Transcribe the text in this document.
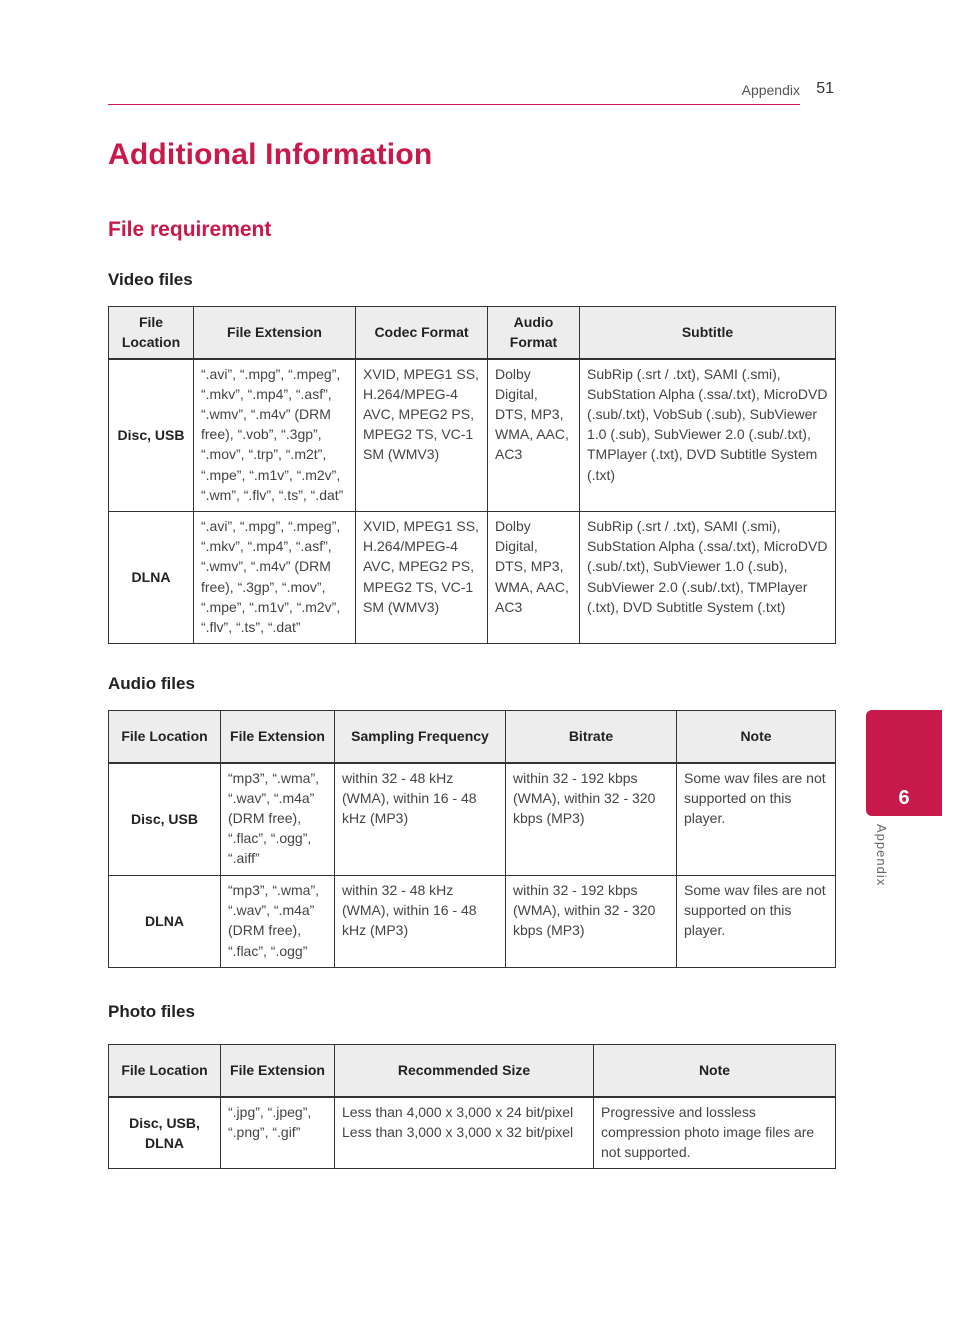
Appendix 51
Additional Information
File requirement
Video files
File Location	File Extension	Codec Format	Audio Format	Subtitle
Disc, USB	“.avi”, “.mpg”, “.mpeg”, “.mkv”, “.mp4”, “.asf”, “.wmv”, “.m4v” (DRM free), “.vob”, “.3gp”, “.mov”, “.trp”, “.m2t”, “.mpe”, “.m1v”, “.m2v”, “.wm”, “.flv”, “.ts”, “.dat”	XVID, MPEG1 SS, H.264/MPEG-4 AVC, MPEG2 PS, MPEG2 TS, VC-1 SM (WMV3)	Dolby Digital, DTS, MP3, WMA, AAC, AC3	SubRip (.srt / .txt), SAMI (.smi), SubStation Alpha (.ssa/.txt), MicroDVD (.sub/.txt), VobSub (.sub), SubViewer 1.0 (.sub), SubViewer 2.0 (.sub/.txt), TMPlayer (.txt), DVD Subtitle System (.txt)
DLNA	“.avi”, “.mpg”, “.mpeg”, “.mkv”, “.mp4”, “.asf”, “.wmv”, “.m4v” (DRM free), “.3gp”, “.mov”, “.mpe”, “.m1v”, “.m2v”, “.flv”, “.ts”, “.dat”	XVID, MPEG1 SS, H.264/MPEG-4 AVC, MPEG2 PS, MPEG2 TS, VC-1 SM (WMV3)	Dolby Digital, DTS, MP3, WMA, AAC, AC3	SubRip (.srt / .txt), SAMI (.smi), SubStation Alpha (.ssa/.txt), MicroDVD (.sub/.txt), SubViewer 1.0 (.sub), SubViewer 2.0 (.sub/.txt), TMPlayer (.txt), DVD Subtitle System (.txt)
Audio files
File Location	File Extension	Sampling Frequency	Bitrate	Note
Disc, USB	“mp3”, “.wma”, “.wav”, “.m4a” (DRM free), “.flac”, “.ogg”, “.aiff”	within 32 - 48 kHz (WMA), within 16 - 48 kHz (MP3)	within 32 - 192 kbps (WMA), within 32 - 320 kbps (MP3)	Some wav files are not supported on this player.
DLNA	“mp3”, “.wma”, “.wav”, “.m4a” (DRM free), “.flac”, “.ogg”	within 32 - 48 kHz (WMA), within 16 - 48 kHz (MP3)	within 32 - 192 kbps (WMA), within 32 - 320 kbps (MP3)	Some wav files are not supported on this player.
Photo files
File Location	File Extension	Recommended Size	Note
Disc, USB, DLNA	“.jpg”, “.jpeg”, “.png”, “.gif”	Less than 4,000 x 3,000 x 24 bit/pixel Less than 3,000 x 3,000 x 32 bit/pixel	Progressive and lossless compression photo image files are not supported.
6
Appendix
